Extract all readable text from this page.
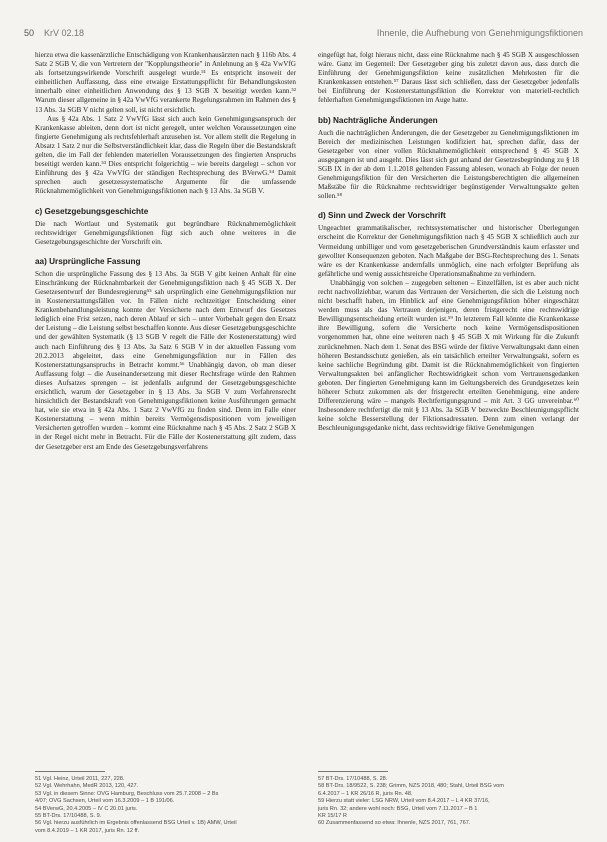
50 KrV 02.18	Ihnenle, die Aufhebung von Genehmigungsfiktionen

hierzu etwa die kassenärztliche Entschädigung von Krankenhausärzten nach § 116b Abs. 4 Satz 2 SGB V, die von Vertretern der "Kopplungstheorie" in Anlehnung an § 42a VwVfG als fortsetzungswirkende Vorschrift ausgelegt wurde.⁵¹ Es entspricht insoweit der einheitlichen Auffassung, dass eine etwaige Erstattungspflicht für Behandlungskosten innerhalb einer einheitlichen Anwendung des § 13 SGB X beseitigt werden kann.⁵² Warum dieser allgemeine in § 42a VwVfG verankerte Regelungsrahmen im Rahmen des § 13 Abs. 3a SGB V nicht gelten soll, ist nicht ersichtlich.

Aus § 42a Abs. 1 Satz 2 VwVfG lässt sich auch kein Genehmigungsanspruch der Krankenkasse ableiten, denn dort ist nicht geregelt, unter welchen Voraussetzungen eine fingierte Genehmigung als rechtsfehlerhaft anzusehen ist. Vor allem stellt die Regelung in Absatz 1 Satz 2 nur die Selbstverständlichkeit klar, dass die Regeln über die Bestandskraft gelten, die im Fall der fehlenden materiellen Voraussetzungen des fingierten Anspruchs beseitigt werden kann.⁵³ Dies entspricht folgerichtig – wie bereits dargelegt – schon vor Einführung des § 42a VwVfG der ständigen Rechtsprechung des BVerwG.⁵⁴ Damit sprechen auch gesetzessystematische Argumente für die umfassende Rücknahmemöglichkeit von Genehmigungsfiktionen nach § 13 Abs. 3a SGB V.

c) Gesetzgebungsgeschichte

Die nach Wortlaut und Systematik gut begründbare Rücknahmemöglichkeit rechtswidriger Genehmigungsfiktionen fügt sich auch ohne weiteres in die Gesetzgebungsgeschichte der Vorschrift ein.

aa) Ursprüngliche Fassung

Schon die ursprüngliche Fassung des § 13 Abs. 3a SGB V gibt keinen Anhalt für eine Einschränkung der Rücknahmbarkeit der Genehmigungsfiktion nach § 45 SGB X. Der Gesetzesentwurf der Bundesregierung⁵⁵ sah ursprünglich eine Genehmigungsfiktion nur in Kostenerstattungsfällen vor. In Fällen nicht rechtzeitiger Entscheidung einer Krankenbehandlungsleistung konnte der Versicherte nach dem Entwurf des Gesetzes lediglich eine Frist setzen, nach deren Ablauf er sich – unter Vorbehalt gegen den Ersatz der Leistung – die Leistung selbst beschaffen konnte. Aus dieser Gesetzgebungsgeschichte und der gewählten Systematik (§ 13 SGB V regelt die Fälle der Kostenerstattung) wird auch nach Einführung des § 13 Abs. 3a Satz 6 SGB V in der aktuellen Fassung vom 20.2.2013 abgeleitet, dass eine Genehmigungsfiktion nur in Fällen des Kostenerstattungsanspruchs in Betracht kommt.⁵⁶ Unabhängig davon, ob man dieser Auffassung folgt – die Auseinandersetzung mit dieser Rechtsfrage würde den Rahmen dieses Aufsatzes sprengen – ist jedenfalls aufgrund der Gesetzgebungsgeschichte ersichtlich, warum der Gesetzgeber in § 13 Abs. 3a SGB V zum Verfahrensrecht hinsichtlich der Bestandskraft von Genehmigungsfiktionen keine Ausführungen gemacht hat, wie sie etwa in § 42a Abs. 1 Satz 2 VwVfG zu finden sind. Denn im Falle einer Kostenerstattung – wenn mithin bereits Vermögensdispositionen vom jeweiligen Versicherten getroffen wurden – kommt eine Rücknahme nach § 45 Abs. 2 Satz 2 SGB X in der Regel nicht mehr in Betracht. Für die Fälle der Kostenerstattung gilt zudem, dass der Gesetzgeber erst am Ende des Gesetzgebungsverfahrens

eingefügt hat, folgt hieraus nicht, dass eine Rücknahme nach § 45 SGB X ausgeschlossen wäre. Ganz im Gegenteil: Der Gesetzgeber ging bis zuletzt davon aus, dass durch die Einführung der Genehmigungsfiktion keine zusätzlichen Mehrkosten für die Krankenkassen entstehen.⁵⁷ Daraus lässt sich schließen, dass der Gesetzgeber jedenfalls bei Einführung der Kostenerstattungsfiktion die Korrektur von materiell-rechtlich fehlerhaften Genehmigungsfiktionen im Auge hatte.

bb) Nachträgliche Änderungen

Auch die nachträglichen Änderungen, die der Gesetzgeber zu Genehmigungsfiktionen im Bereich der medizinischen Leistungen kodifiziert hat, sprechen dafür, dass der Gesetzgeber von einer vollen Rücknahmemöglichkeit entsprechend § 45 SGB X ausgegangen ist und ausgeht. Dies lässt sich gut anhand der Gesetzesbegründung zu § 18 SGB IX in der ab dem 1.1.2018 geltenden Fassung ablesen, wonach ab Folge der neuen Genehmigungsfiktion für den Versicherten die Leistungsberechtigten die allgemeinen Maßstäbe für die Rücknahme rechtswidriger begünstigender Verwaltungsakte gelten sollen.⁵⁸

d) Sinn und Zweck der Vorschrift

Ungeachtet grammatikalischer, rechtssystematischer und historischer Überlegungen erscheint die Korrektur der Genehmigungsfiktion nach § 45 SGB X schließlich auch zur Vermeidung unbilliger und vom gesetzgeberischen Grundverständnis kaum erfasster und gewollter Konsequenzen geboten. Nach Maßgabe der BSG-Rechtsprechung des 1. Senats wäre es der Krankenkasse andernfalls unmöglich, eine nach erfolgter Beprüfung als gefährliche und wenig aussichtsreiche Operationsmaßnahme zu verhindern.

Unabhängig von solchen – zugegeben seltenen – Einzelfällen, ist es aber auch nicht recht nachvollziehbar, warum das Vertrauen der Versicherten, die sich die Leistung noch nicht beschafft haben, im Hinblick auf eine Genehmigungsfiktion höher eingeschätzt werden muss als das Vertrauen derjenigen, deren fristgerecht eine rechtswidrige Bewilligungsentscheidung erteilt wurden ist.⁵⁹ In letzterem Fall könnte die Krankenkasse ihre Bewilligung, sofern die Versicherte noch keine Vermögensdispositionen vorgenommen hat, ohne eine weiteren nach § 45 SGB X mit Wirkung für die Zukunft zurücknehmen. Nach dem 1. Senat des BSG würde der fiktive Verwaltungsakt dann einen höheren Bestandsschutz genießen, als ein tatsächlich erteilter Verwaltungsakt, sofern es keine sachliche Begründung gibt. Damit ist die Rücknahmemöglichkeit von fingierten Verwaltungsakten bei anfänglicher Rechtswidrigkeit schon vom Vertrauensgedanken geboten. Der fingierten Genehmigung kann im Geltungsbereich des Grundgesetzes kein höherer Schutz zukommen als der fristgerecht erteilten Genehmigung, eine andere Differenzierung wäre – mangels Rechtfertigungsgrund – mit Art. 3 GG unvereinbar.⁶⁰ Insbesondere rechtfertigt die mit § 13 Abs. 3a SGB V bezweckte Beschleunigungspflicht keine solche Besserstellung der Fiktionsadressaten. Denn zum einen verlangt der Beschleunigungsgedanke nicht, dass rechtswidrige fiktive Genehmigungen

51 Vgl. Heinz, Urteil 2011, 227, 228.
52 Vgl. Wehrhahn, MedR 2013, 120, 427.
53 Vgl. in diesem Sinne: OVG Hamburg, Beschluss vom 25.7.2008 – 2 Bs
4/07; OVG Sachsen, Urteil vom 16.3.2009 – 1 B 191/06.
54 BVerwG, 20.4.2005 – IV C 20.01 juris.
55 BT-Drs. 17/10488, S. 9.
56 Vgl. hierzu ausführlich im Ergebnis offenlassend BSG Urteil v. 1B) AMW, Urteil
vom 8.4.2019 – 1 KR 2017, juris Rn. 12 ff.
57 BT-Drs. 17/10488, S. 28.
58 BT-Drs. 18/9522, S. 238; Grimm, NZS 2018, 480; Stahl, Urteil BSG vom
6.4.2017 – 1 KR 26/16 R, juris Rn. 48.
59 Hierzu statt vieler: LSG NRW, Urteil vom 8.4.2017 – L 4 KR 37/16,
juris Rn. 32; andere wohl noch: BSG, Urteil vom 7.11.2017 – B 1
KR 15/17 R
60 Zusammenfassend so etwa: Ihnenle, NZS 2017, 761, 767.
